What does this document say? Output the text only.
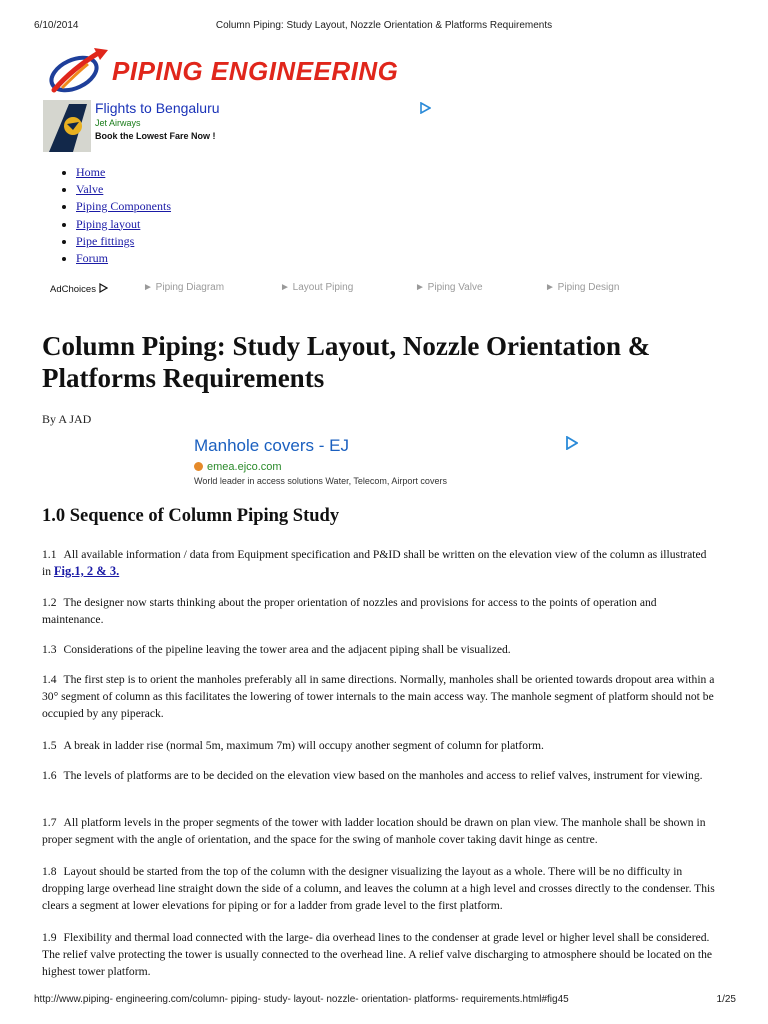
6/10/2014	Column Piping: Study Layout, Nozzle Orientation & Platforms Requirements
PIPING ENGINEERING
Flights to Bengaluru
Jet Airways
Book the Lowest Fare Now !
• Home
• Valve
• Piping Components
• Piping layout
• Pipe fittings
• Forum
AdChoices	► Piping Diagram	► Layout Piping	► Piping Valve	► Piping Design
Column Piping: Study Layout, Nozzle Orientation & Platforms Requirements
By A JAD
Manhole covers - EJ
emea.ejco.com
World leader in access solutions Water, Telecom, Airport covers
1.0 Sequence of Column Piping Study

1.1 All available information / data from Equipment specification and P&ID shall be written on the elevation view of the column as illustrated in Fig.1, 2 & 3.

1.2 The designer now starts thinking about the proper orientation of nozzles and provisions for access to the points of operation and maintenance.

1.3 Considerations of the pipeline leaving the tower area and the adjacent piping shall be visualized.

1.4 The first step is to orient the manholes preferably all in same directions. Normally, manholes shall be oriented towards dropout area within a 30° segment of column as this facilitates the lowering of tower internals to the main access way. The manhole segment of platform should not be occupied by any piperack.

1.5 A break in ladder rise (normal 5m, maximum 7m) will occupy another segment of column for platform.

1.6 The levels of platforms are to be decided on the elevation view based on the manholes and access to relief valves, instrument for viewing.

1.7 All platform levels in the proper segments of the tower with ladder location should be drawn on plan view. The manhole shall be shown in proper segment with the angle of orientation, and the space for the swing of manhole cover taking davit hinge as centre.

1.8 Layout should be started from the top of the column with the designer visualizing the layout as a whole. There will be no difficulty in dropping large overhead line straight down the side of a column, and leaves the column at a high level and crosses directly to the condenser. This clears a segment at lower elevations for piping or for a ladder from grade level to the first platform.

1.9 Flexibility and thermal load connected with the large- dia overhead lines to the condenser at grade level or higher level shall be considered. The relief valve protecting the tower is usually connected to the overhead line. A relief valve discharging to atmosphere should be located on the highest tower platform.

http://www.piping- engineering.com/column- piping- study- layout- nozzle- orientation- platforms- requirements.html#fig45	1/25
